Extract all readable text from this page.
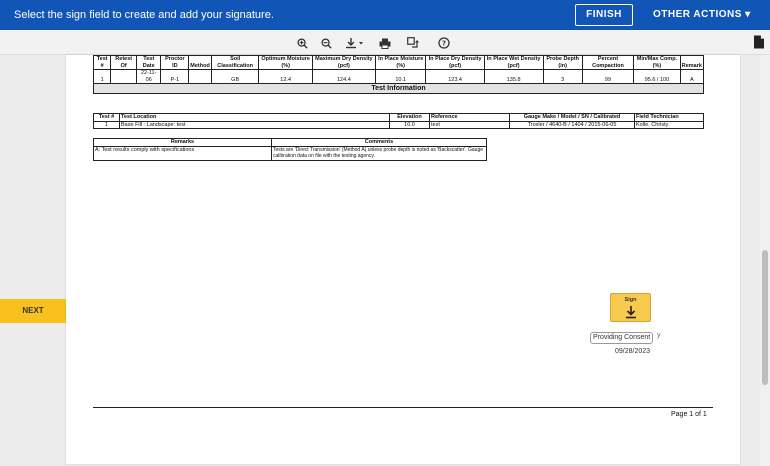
Select the sign field to create and add your signature.	FINISH	OTHER ACTIONS ▾
?
NEXT
Test #	Retest Of	Test Date	Proctor ID	Method	Soil Classification	Optimum Moisture (%)	Maximum Dry Density (pcf)	In Place Moisture (%)	In Place Dry Density (pcf)	In Place Wet Density (pcf)	Probe Depth (in)	Percent Compaction	Min/Max Comp. (%)	Remark
1		22-11-06	P-1		GB	12.4	124.4	10.1	123.4	135.8	3	99	95.6 / 100	A
Test Information														
Test #	Test Location	Elevation	Reference	Gauge Make / Model / SN / Calibrated	Field Technician
1	Base Fill : Landscape: test	10.0	test	Troxler / 4640-B / 1404 / 2015-06-05	Kolle, Christy
Remarks	Comments
A: Test results comply with specifications	Tests are 'Direct Transmission' (Method A) unless probe depth is noted as 'Backscatter'. Gauge calibration data on file with the testing agency.
Sign
Providing Consent y
09/28/2023
Page 1 of 1
